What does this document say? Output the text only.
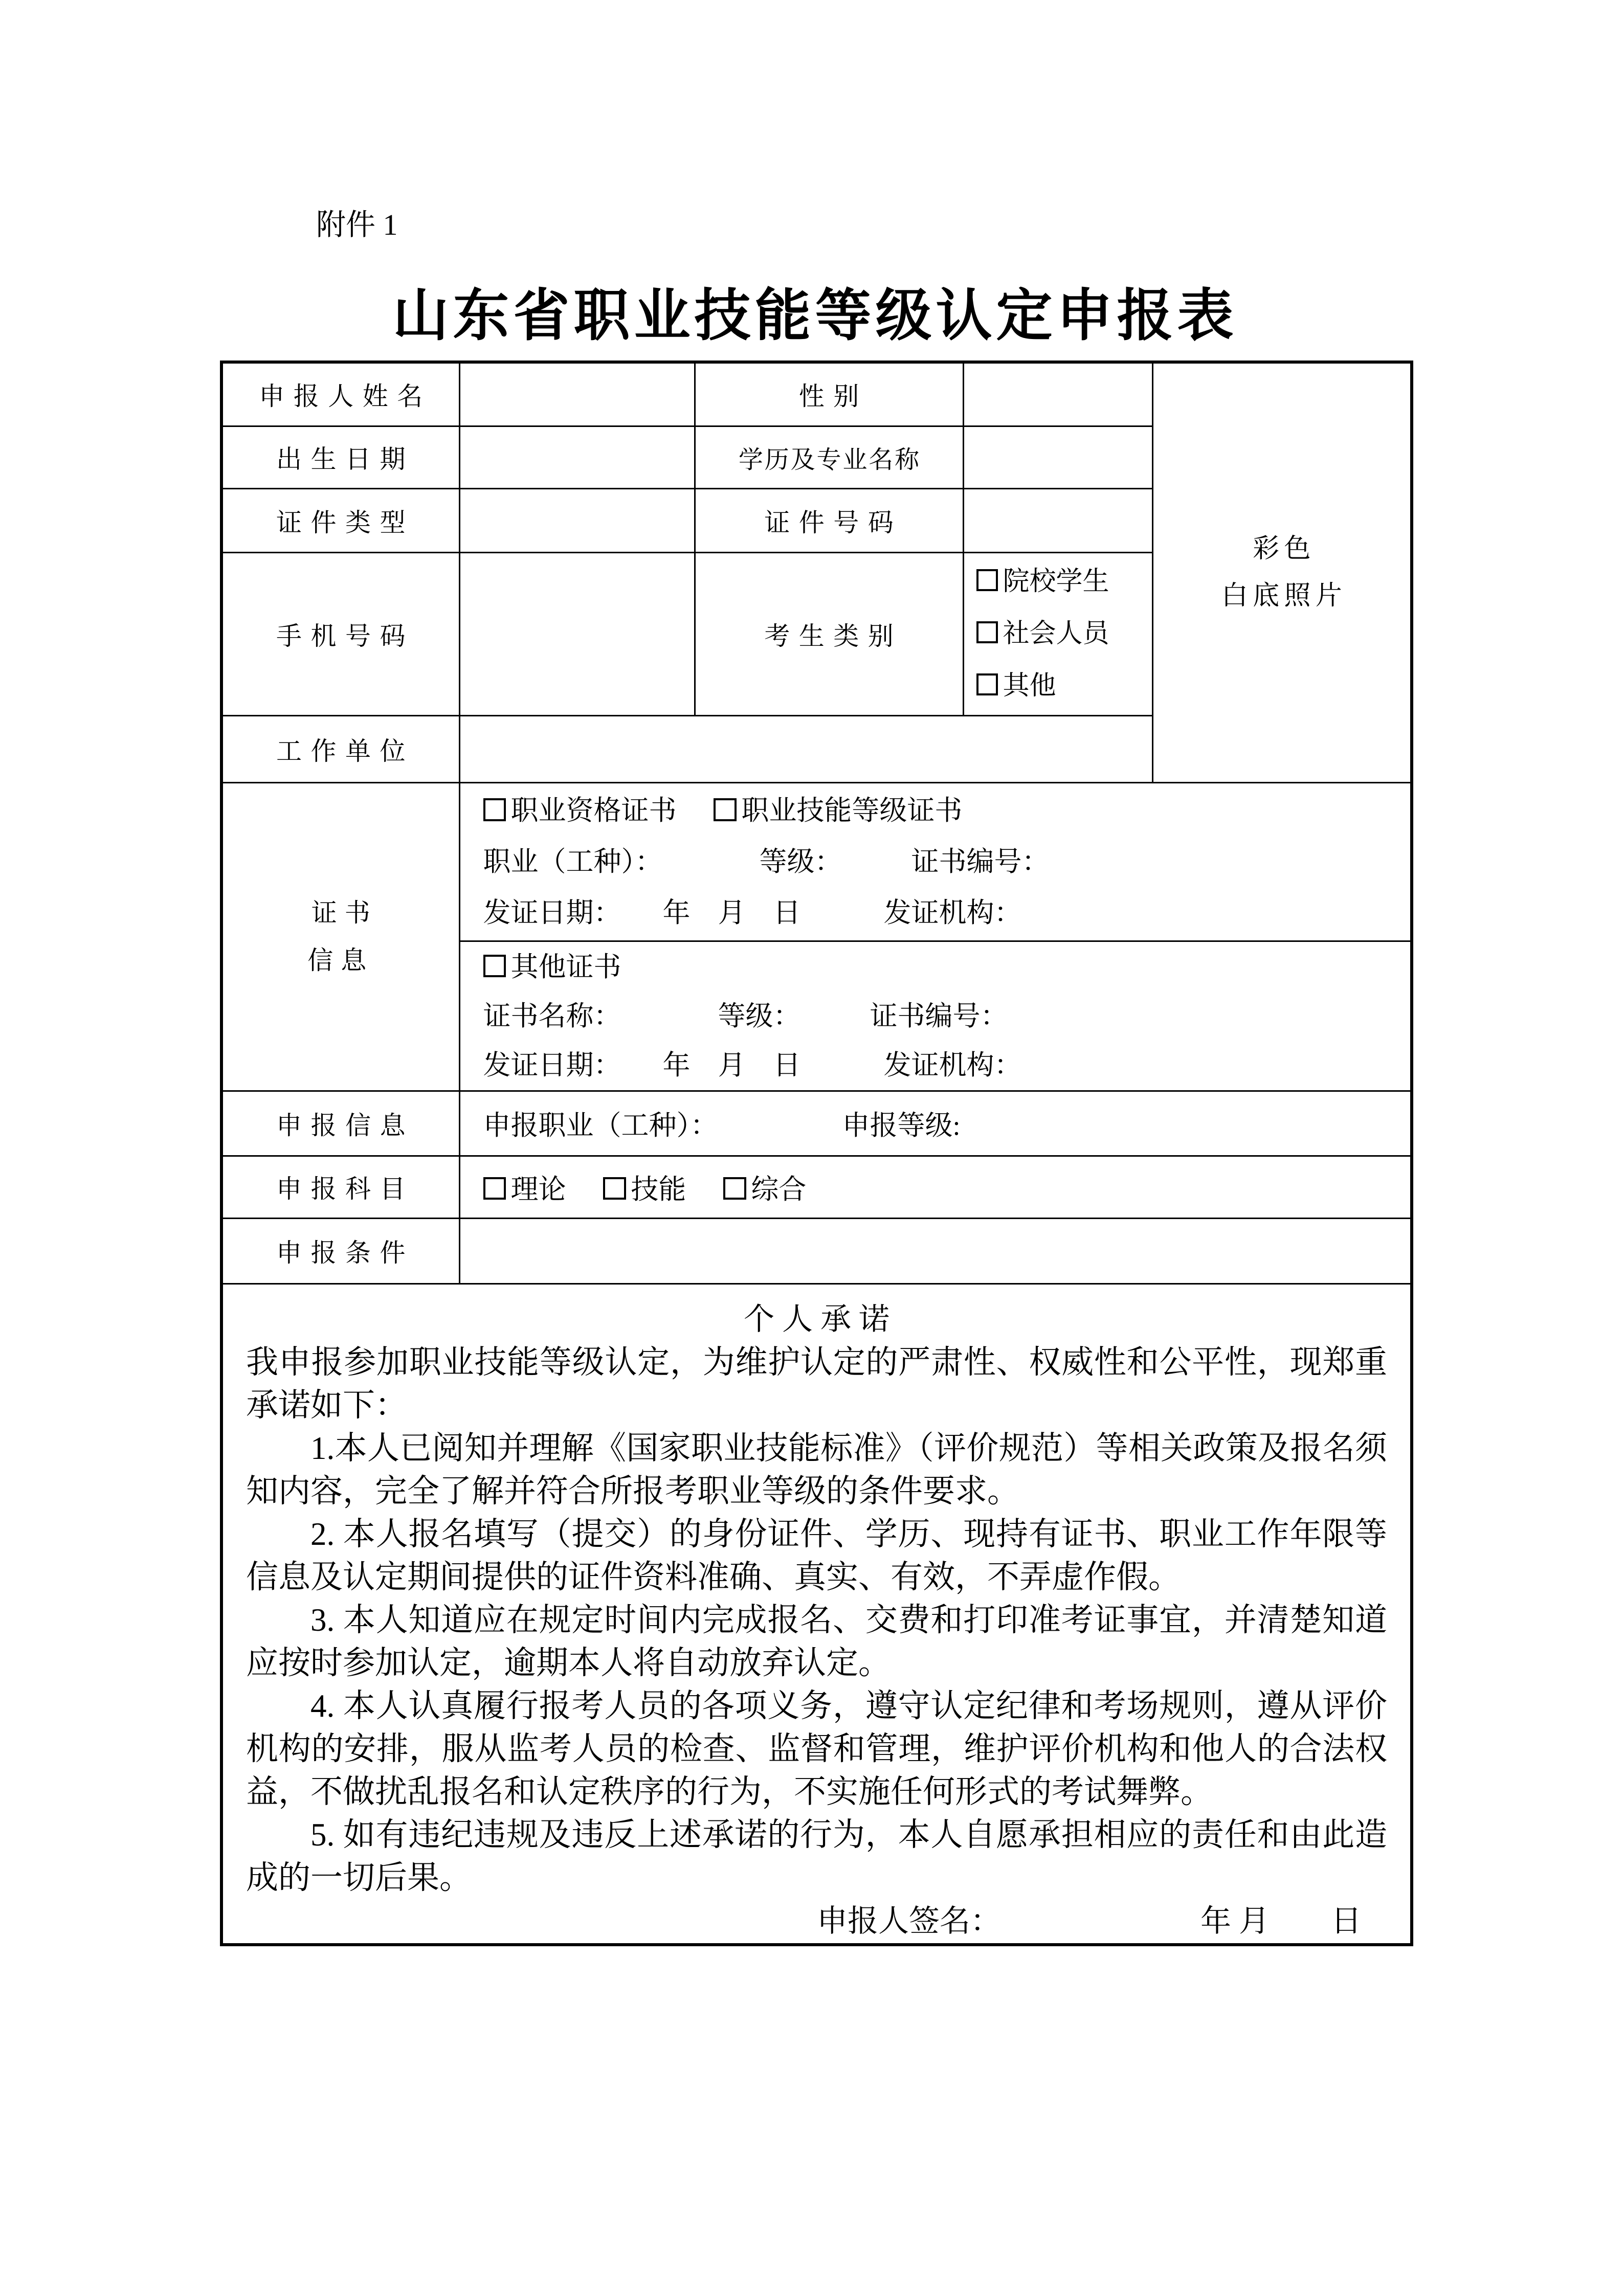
附件 1
山东省职业技能等级认定申报表
申报人姓名		性别		彩色
白底照片

出生日期		学历及专业名称		
证件类型		证件号码		
手机号码		考生类别	院校学生
社会人员
其他	

工作单位				

证书信息	职业资格证书 职业技能等级证书
职业（工种）：　　　　等级：　　　证书编号：
发证日期：　　年　月　日　　　发证机构：			

	其他证书
证书名称：　　　　等级：　　　证书编号：
发证日期：　　年　月　日　　　发证机构：			

申报信息	申报职业（工种）：　　　　　申报等级:			
申报科目	理论 技能 综合			
申报条件				

个人承诺

我申报参加职业技能等级认定，为维护认定的严肃性、权威性和公平性，现郑重承诺如下：

1.本人已阅知并理解《国家职业技能标准》（评价规范）等相关政策及报名须知内容，完全了解并符合所报考职业等级的条件要求。

2. 本人报名填写（提交）的身份证件、学历、现持有证书、职业工作年限等信息及认定期间提供的证件资料准确、真实、有效，不弄虚作假。

3. 本人知道应在规定时间内完成报名、交费和打印准考证事宜，并清楚知道应按时参加认定，逾期本人将自动放弃认定。

4. 本人认真履行报考人员的各项义务，遵守认定纪律和考场规则，遵从评价机构的安排，服从监考人员的检查、监督和管理，维护评价机构和他人的合法权益，不做扰乱报名和认定秩序的行为，不实施任何形式的考试舞弊。

5. 如有违纪违规及违反上述承诺的行为，本人自愿承担相应的责任和由此造成的一切后果。

申报人签名：　　　　　　　年 月　　日
